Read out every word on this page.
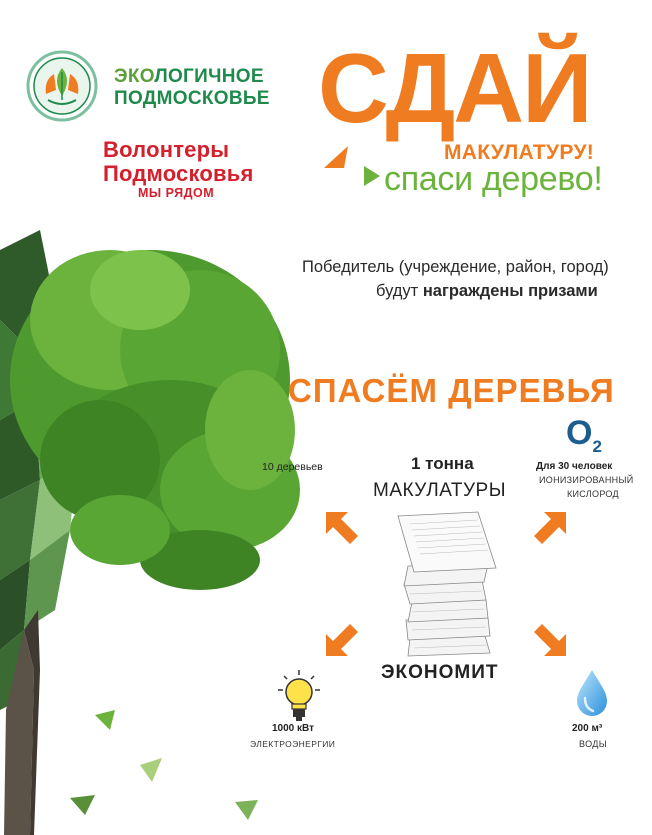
ЭКОЛОГИЧНОЕ
ПОДМОСКОВЬЕ
Волонтеры
Подмосковья
МЫ РЯДОМ
СДАЙ
МАКУЛАТУРУ!
спаси дерево!
Победитель (учреждение, район, город)
будут награждены призами
СПАСЁМ ДЕРЕВЬЯ
$O_2$
10 деревьев	1 тонна
МАКУЛАТУРЫ
Для 30 человек
ИОНИЗИРОВАННЫЙ
КИСЛОРОД
ЭКОНОМИТ
1000 кВт
ЭЛЕКТРОЭНЕРГИИ
200 м³
ВОДЫ
